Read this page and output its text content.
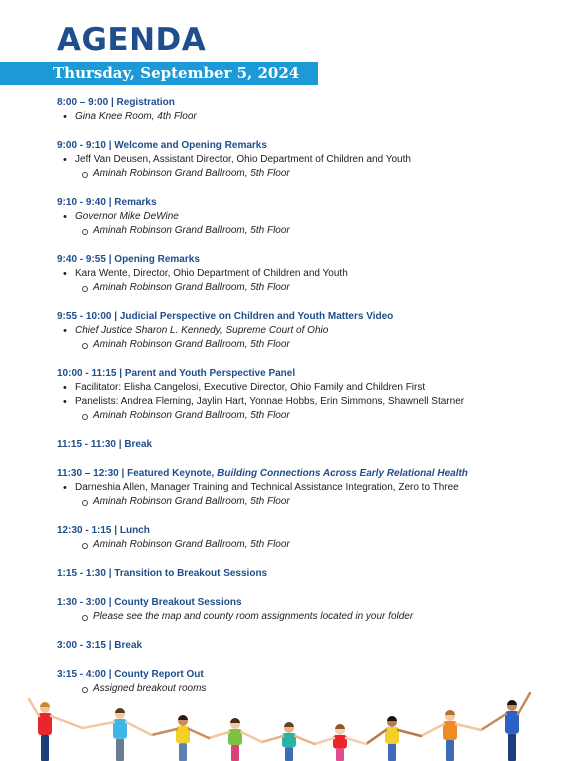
AGENDA
Thursday, September 5, 2024
8:00 – 9:00 | Registration
• Gina Knee Room, 4th Floor
9:00 - 9:10 | Welcome and Opening Remarks
• Jeff Van Deusen, Assistant Director, Ohio Department of Children and Youth
Aminah Robinson Grand Ballroom, 5th Floor
9:10 - 9:40 | Remarks
• Governor Mike DeWine
Aminah Robinson Grand Ballroom, 5th Floor
9:40 - 9:55 | Opening Remarks
• Kara Wente, Director, Ohio Department of Children and Youth
Aminah Robinson Grand Ballroom, 5th Floor
9:55 - 10:00 | Judicial Perspective on Children and Youth Matters Video
• Chief Justice Sharon L. Kennedy, Supreme Court of Ohio
Aminah Robinson Grand Ballroom, 5th Floor
10:00 - 11:15 | Parent and Youth Perspective Panel
• Facilitator: Elisha Cangelosi, Executive Director, Ohio Family and Children First
• Panelists: Andrea Fleming, Jaylin Hart, Yonnae Hobbs, Erin Simmons, Shawnell Starner
Aminah Robinson Grand Ballroom, 5th Floor
11:15 - 11:30 | Break
11:30 – 12:30 | Featured Keynote, Building Connections Across Early Relational Health
• Darneshia Allen, Manager Training and Technical Assistance Integration, Zero to Three
Aminah Robinson Grand Ballroom, 5th Floor
12:30 - 1:15 | Lunch
Aminah Robinson Grand Ballroom, 5th Floor
1:15 - 1:30 | Transition to Breakout Sessions
1:30 - 3:00 | County Breakout Sessions
Please see the map and county room assignments located in your folder
3:00 - 3:15 | Break
3:15 - 4:00 | County Report Out
Assigned breakout rooms
